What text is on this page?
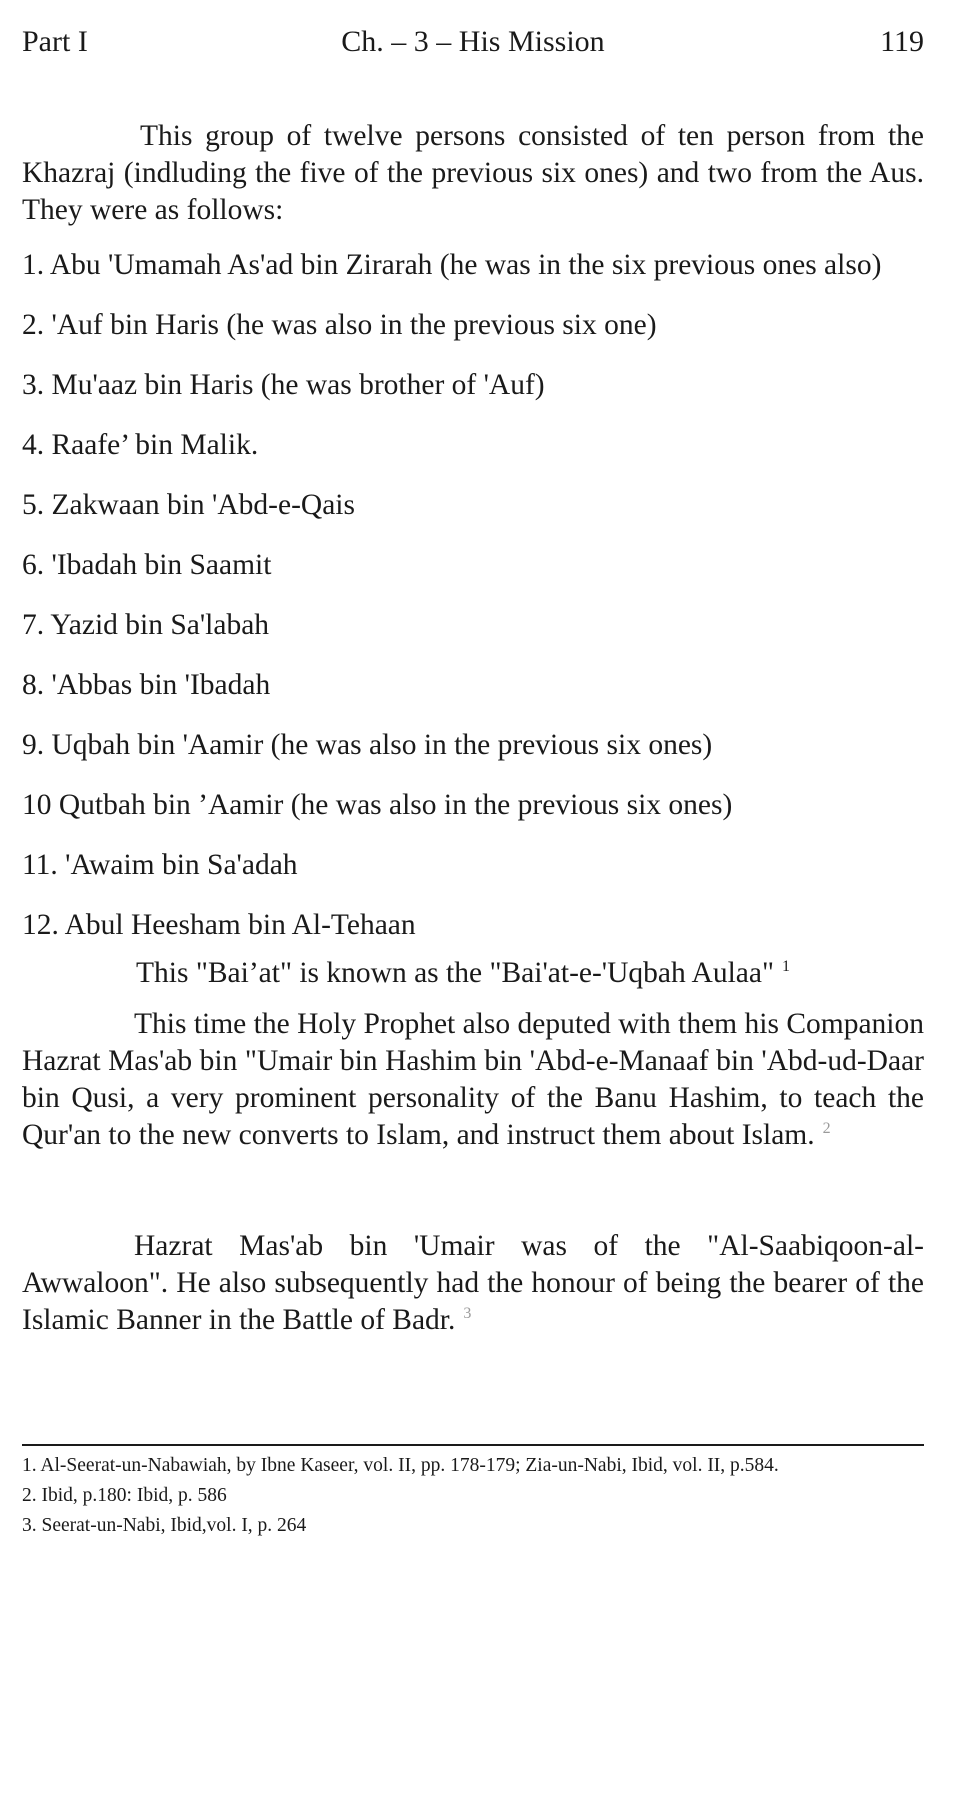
Part I	Ch. – 3 – His Mission	119

This group of twelve persons consisted of ten person from the Khazraj (indluding the five of the previous six ones) and two from the Aus. They were as follows:

1. Abu 'Umamah As'ad bin Zirarah (he was in the six previous ones also)
2. 'Auf bin Haris (he was also in the previous six one)
3. Mu'aaz bin Haris (he was brother of 'Auf)
4. Raafe’ bin Malik.
5. Zakwaan bin 'Abd-e-Qais
6. 'Ibadah bin Saamit
7. Yazid bin Sa'labah
8. 'Abbas bin 'Ibadah
9. Uqbah bin 'Aamir (he was also in the previous six ones)
10 Qutbah bin ’Aamir (he was also in the previous six ones)
11. 'Awaim bin Sa'adah
12. Abul Heesham bin Al-Tehaan

This "Bai’at" is known as the "Bai'at-e-'Uqbah Aulaa" $^1$

This time the Holy Prophet also deputed with them his Companion Hazrat Mas'ab bin "Umair bin Hashim bin 'Abd-e-Manaaf bin 'Abd-ud-Daar bin Qusi, a very prominent personality of the Banu Hashim, to teach the Qur'an to the new converts to Islam, and instruct them about Islam. $^2$

Hazrat Mas'ab bin 'Umair was of the "Al-Saabiqoon-al-Awwaloon". He also subsequently had the honour of being the bearer of the Islamic Banner in the Battle of Badr. $^3$

1. Al-Seerat-un-Nabawiah, by Ibne Kaseer, vol. II, pp. 178-179; Zia-un-Nabi, Ibid, vol. II, p.584.

2. Ibid, p.180: Ibid, p. 586

3. Seerat-un-Nabi, Ibid,vol. I, p. 264
